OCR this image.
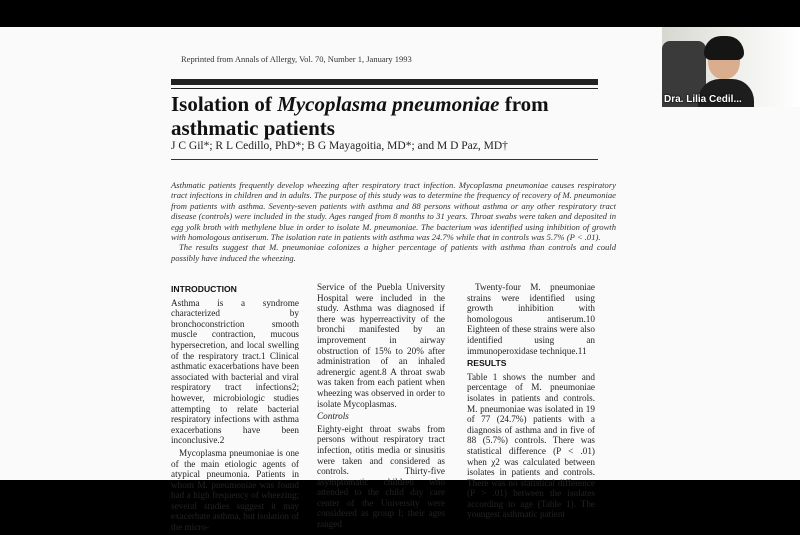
Reprinted from Annals of Allergy, Vol. 70, Number 1, January 1993
Isolation of Mycoplasma pneumoniae from asthmatic patients
J C Gil*; R L Cedillo, PhD*; B G Mayagoitia, MD*; and M D Paz, MD†

Asthmatic patients frequently develop wheezing after respiratory tract infection. Mycoplasma pneumoniae causes respiratory tract infections in children and in adults. The purpose of this study was to determine the frequency of recovery of M. pneumoniae from patients with asthma. Seventy-seven patients with asthma and 88 persons without asthma or any other respiratory tract disease (controls) were included in the study. Ages ranged from 8 months to 31 years. Throat swabs were taken and deposited in egg yolk broth with methylene blue in order to isolate M. pneumoniae. The bacterium was identified using inhibition of growth with homologous antiserum. The isolation rate in patients with asthma was 24.7% while that in controls was 5.7% (P < .01).

The results suggest that M. pneumoniae colonizes a higher percentage of patients with asthma than controls and could possibly have induced the wheezing.

INTRODUCTION

Asthma is a syndrome characterized by bronchoconstriction smooth muscle contraction, mucous hypersecretion, and local swelling of the respiratory tract.1 Clinical asthmatic exacerbations have been associated with bacterial and viral respiratory tract infections2; however, microbiologic studies attempting to relate bacterial respiratory infections with asthma exacerbations have been inconclusive.2

Mycoplasma pneumoniae is one of the main etiologic agents of atypical pneumonia. Patients in whom M. pneumoniae was found had a high frequency of wheezing; several studies suggest it may exacerbate asthma, but isolation of the micro-

Service of the Puebla University Hospital were included in the study. Asthma was diagnosed if there was hyperreactivity of the bronchi manifested by an improvement in airway obstruction of 15% to 20% after administration of an inhaled adrenergic agent.8 A throat swab was taken from each patient when wheezing was observed in order to isolate Mycoplasmas.

Controls

Eighty-eight throat swabs from persons without respiratory tract infection, otitis media or sinusitis were taken and considered as controls. Thirty-five asymptomatic children who attended to the child day care center of the University were considered as group I; their ages ranged

Twenty-four M. pneumoniae strains were identified using growth inhibition with homologous antiserum.10 Eighteen of these strains were also identified using an immunoperoxidase technique.11

RESULTS

Table 1 shows the number and percentage of M. pneumoniae isolates in patients and controls. M. pneumoniae was isolated in 19 of 77 (24.7%) patients with a diagnosis of asthma and in five of 88 (5.7%) controls. There was statistical difference (P < .01) when χ2 was calculated between isolates in patients and controls. There was no statistical difference (P > .01) between the isolates according to age (Table 1). The youngest asthmatic patient

Dra. Lilia Cedil...
